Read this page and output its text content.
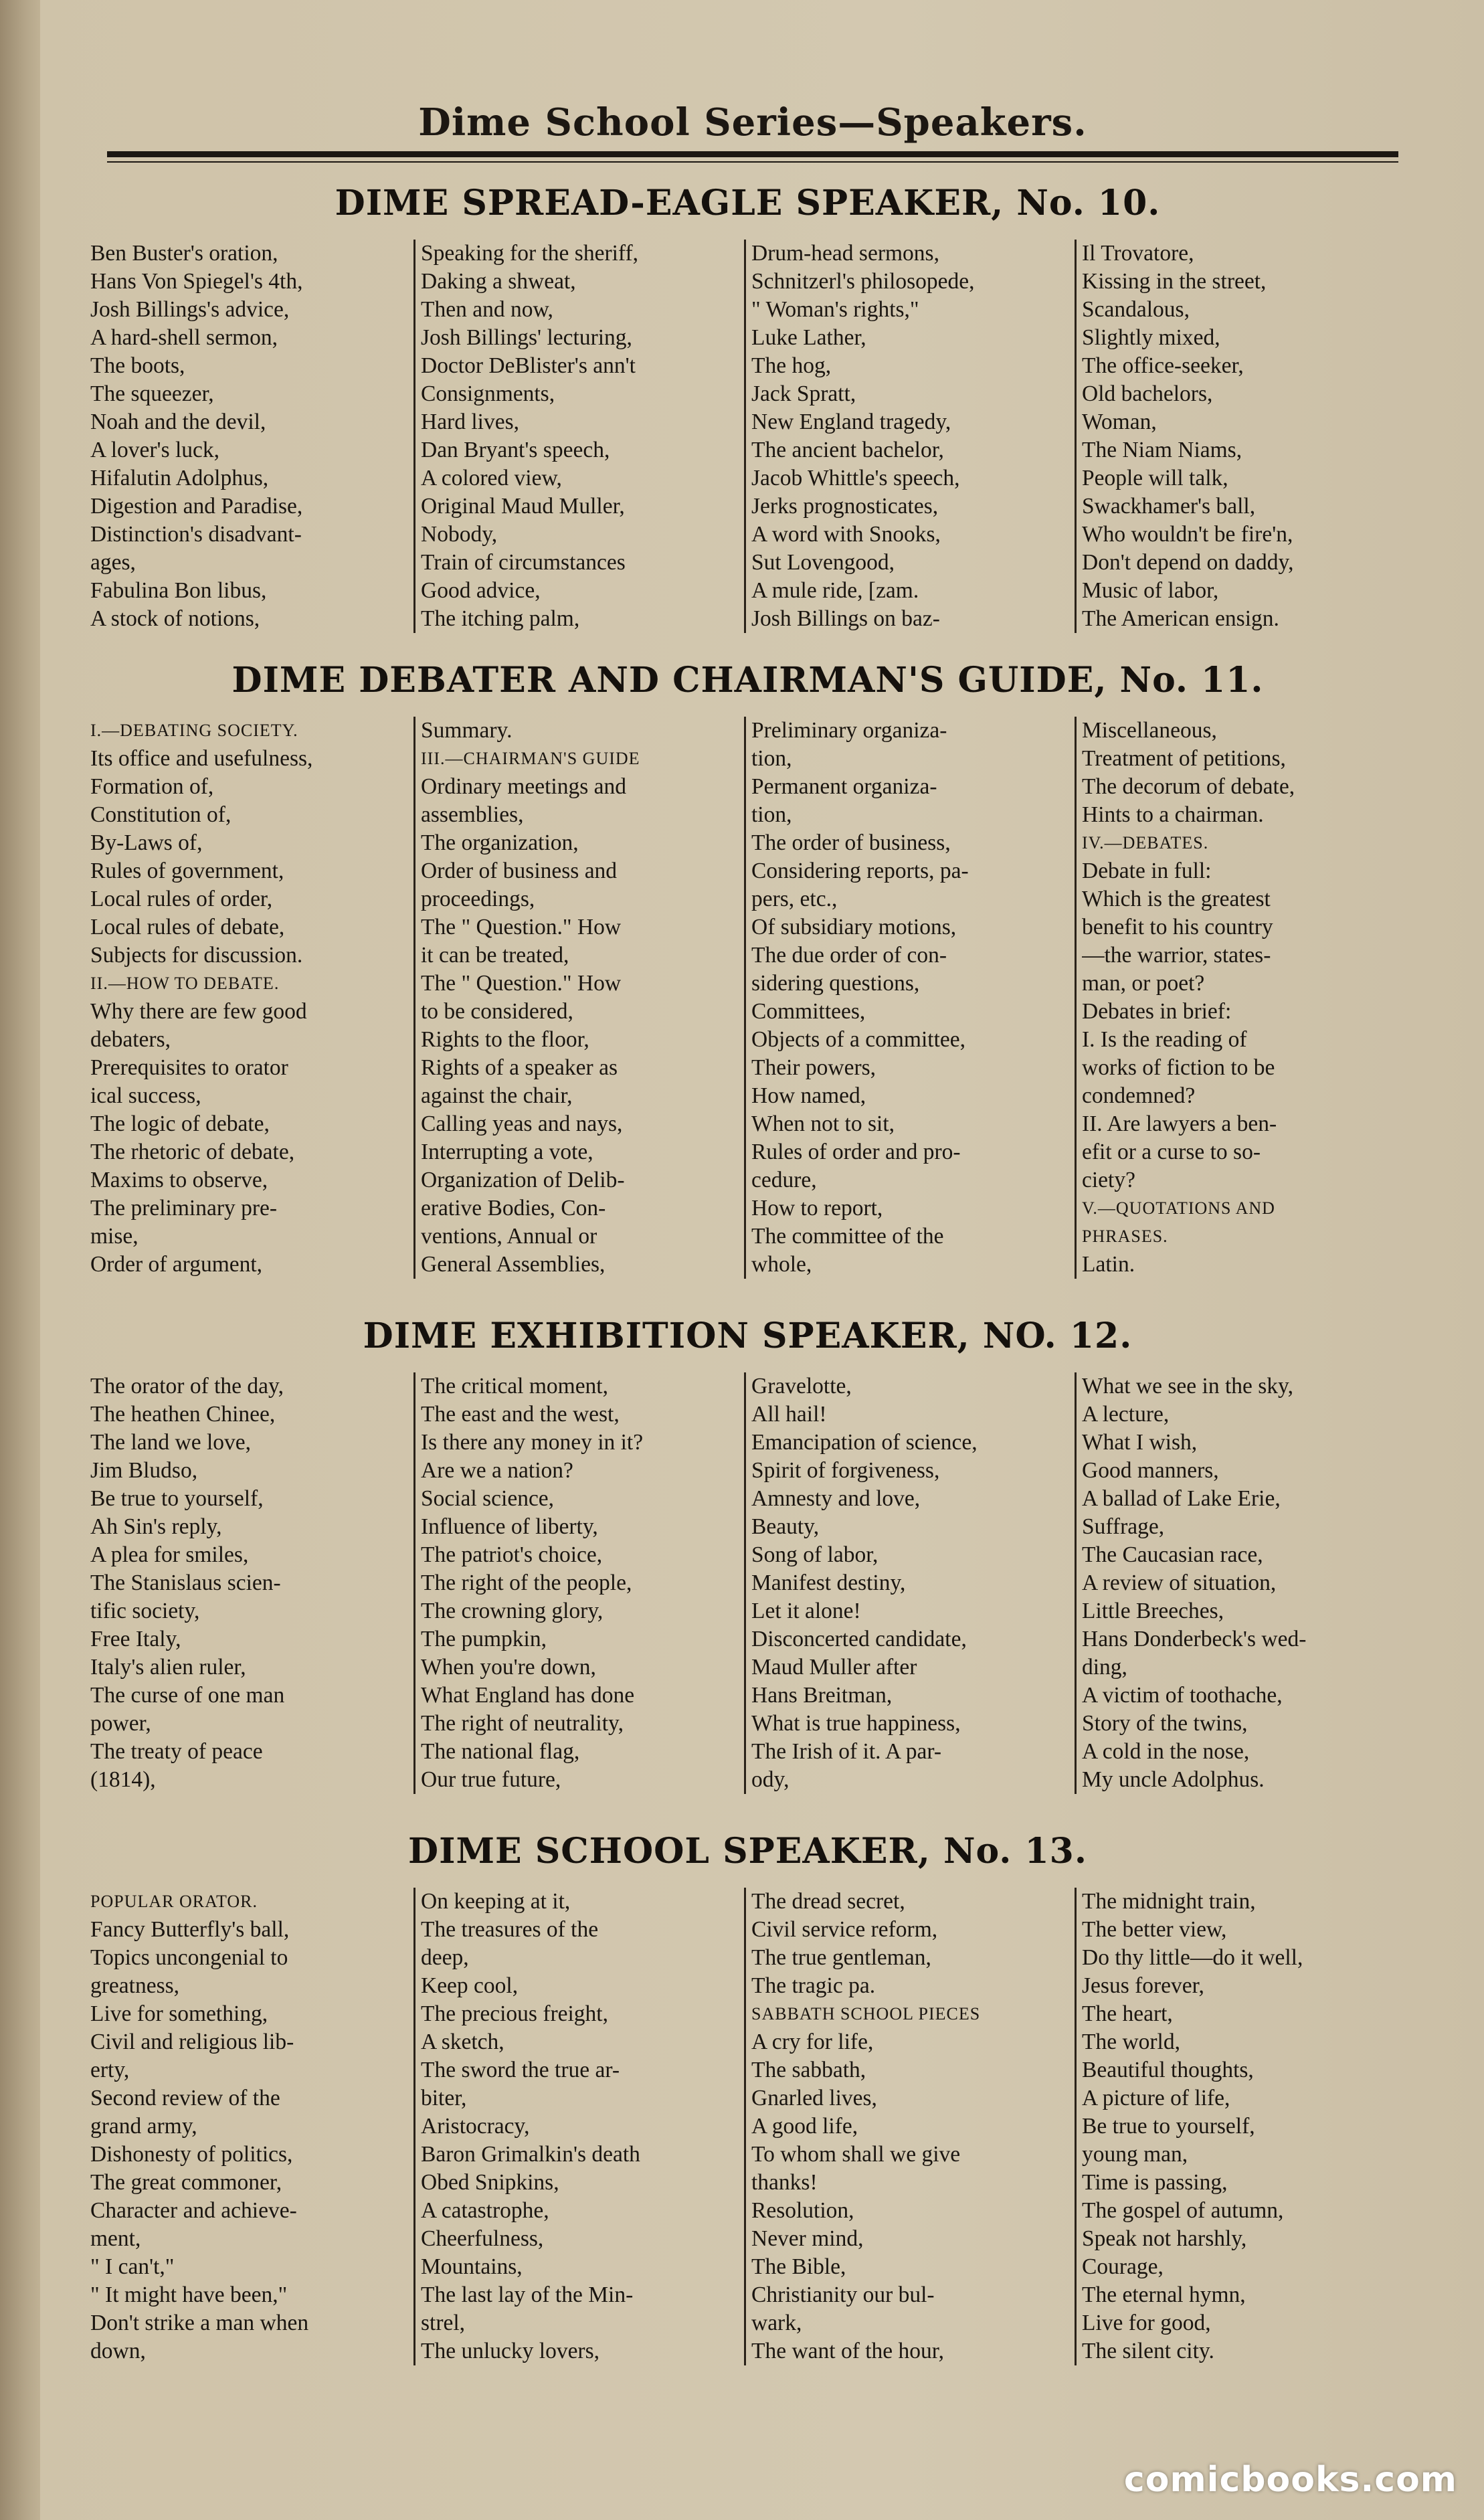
Dime School Series—Speakers.
DIME SPREAD-EAGLE SPEAKER, No. 10.
Ben Buster's oration,
Hans Von Spiegel's 4th,
Josh Billings's advice,
A hard-shell sermon,
The boots,
The squeezer,
Noah and the devil,
A lover's luck,
Hifalutin Adolphus,
Digestion and Paradise,
Distinction's disadvant-
ages,
Fabulina Bon libus,
A stock of notions,
Speaking for the sheriff,
Daking a shweat,
Then and now,
Josh Billings' lecturing,
Doctor DeBlister's ann't
Consignments,
Hard lives,
Dan Bryant's speech,
A colored view,
Original Maud Muller,
Nobody,
Train of circumstances
Good advice,
The itching palm,
Drum-head sermons,
Schnitzerl's philosopede,
" Woman's rights,"
Luke Lather,
The hog,
Jack Spratt,
New England tragedy,
The ancient bachelor,
Jacob Whittle's speech,
Jerks prognosticates,
A word with Snooks,
Sut Lovengood,
A mule ride, [zam.
Josh Billings on baz-
Il Trovatore,
Kissing in the street,
Scandalous,
Slightly mixed,
The office-seeker,
Old bachelors,
Woman,
The Niam Niams,
People will talk,
Swackhamer's ball,
Who wouldn't be fire'n,
Don't depend on daddy,
Music of labor,
The American ensign.
DIME DEBATER AND CHAIRMAN'S GUIDE, No. 11.
I.—DEBATING SOCIETY.
Its office and usefulness,
Formation of,
Constitution of,
By-Laws of,
Rules of government,
Local rules of order,
Local rules of debate,
Subjects for discussion.
II.—HOW TO DEBATE.
Why there are few good
debaters,
Prerequisites to orator
ical success,
The logic of debate,
The rhetoric of debate,
Maxims to observe,
The preliminary pre-
mise,
Order of argument,
Summary.
III.—CHAIRMAN'S GUIDE
Ordinary meetings and
assemblies,
The organization,
Order of business and
proceedings,
The " Question." How
it can be treated,
The " Question." How
to be considered,
Rights to the floor,
Rights of a speaker as
against the chair,
Calling yeas and nays,
Interrupting a vote,
Organization of Delib-
erative Bodies, Con-
ventions, Annual or
General Assemblies,
Preliminary organiza-
tion,
Permanent organiza-
tion,
The order of business,
Considering reports, pa-
pers, etc.,
Of subsidiary motions,
The due order of con-
sidering questions,
Committees,
Objects of a committee,
Their powers,
How named,
When not to sit,
Rules of order and pro-
cedure,
How to report,
The committee of the
whole,
Miscellaneous,
Treatment of petitions,
The decorum of debate,
Hints to a chairman.
IV.—DEBATES.
Debate in full:
Which is the greatest
benefit to his country
—the warrior, states-
man, or poet?
Debates in brief:
I. Is the reading of
works of fiction to be
condemned?
II. Are lawyers a ben-
efit or a curse to so-
ciety?
V.—QUOTATIONS AND
PHRASES.
Latin.
DIME EXHIBITION SPEAKER, NO. 12.
The orator of the day,
The heathen Chinee,
The land we love,
Jim Bludso,
Be true to yourself,
Ah Sin's reply,
A plea for smiles,
The Stanislaus scien-
tific society,
Free Italy,
Italy's alien ruler,
The curse of one man
power,
The treaty of peace
(1814),
The critical moment,
The east and the west,
Is there any money in it?
Are we a nation?
Social science,
Influence of liberty,
The patriot's choice,
The right of the people,
The crowning glory,
The pumpkin,
When you're down,
What England has done
The right of neutrality,
The national flag,
Our true future,
Gravelotte,
All hail!
Emancipation of science,
Spirit of forgiveness,
Amnesty and love,
Beauty,
Song of labor,
Manifest destiny,
Let it alone!
Disconcerted candidate,
Maud Muller after
Hans Breitman,
What is true happiness,
The Irish of it. A par-
ody,
What we see in the sky,
A lecture,
What I wish,
Good manners,
A ballad of Lake Erie,
Suffrage,
The Caucasian race,
A review of situation,
Little Breeches,
Hans Donderbeck's wed-
ding,
A victim of toothache,
Story of the twins,
A cold in the nose,
My uncle Adolphus.
DIME SCHOOL SPEAKER, No. 13.
POPULAR ORATOR.
Fancy Butterfly's ball,
Topics uncongenial to
greatness,
Live for something,
Civil and religious lib-
erty,
Second review of the
grand army,
Dishonesty of politics,
The great commoner,
Character and achieve-
ment,
" I can't,"
" It might have been,"
Don't strike a man when
down,
On keeping at it,
The treasures of the
deep,
Keep cool,
The precious freight,
A sketch,
The sword the true ar-
biter,
Aristocracy,
Baron Grimalkin's death
Obed Snipkins,
A catastrophe,
Cheerfulness,
Mountains,
The last lay of the Min-
strel,
The unlucky lovers,
The dread secret,
Civil service reform,
The true gentleman,
The tragic pa.
SABBATH SCHOOL PIECES
A cry for life,
The sabbath,
Gnarled lives,
A good life,
To whom shall we give
thanks!
Resolution,
Never mind,
The Bible,
Christianity our bul-
wark,
The want of the hour,
The midnight train,
The better view,
Do thy little—do it well,
Jesus forever,
The heart,
The world,
Beautiful thoughts,
A picture of life,
Be true to yourself,
young man,
Time is passing,
The gospel of autumn,
Speak not harshly,
Courage,
The eternal hymn,
Live for good,
The silent city.
comicbooks.com
